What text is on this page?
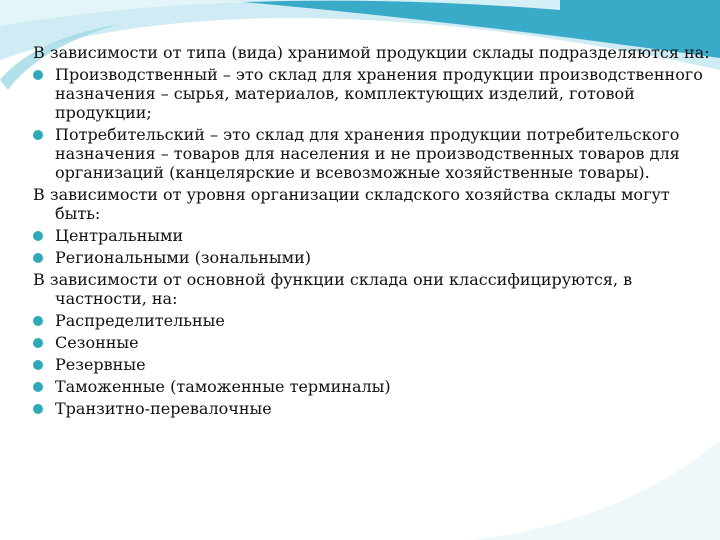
В зависимости от типа (вида) хранимой продукции склады подразделяются на:

Производственный – это склад для хранения продукции производственного назначения – сырья, материалов, комплектующих изделий, готовой продукции;

Потребительский – это склад для хранения продукции потребительского назначения – товаров для населения и не производственных товаров для организаций (канцелярские и всевозможные хозяйственные товары).

В зависимости от уровня организации складского хозяйства склады могут быть:

Центральными

Региональными (зональными)

В зависимости от основной функции склада они классифицируются, в частности, на:

Распределительные

Сезонные

Резервные

Таможенные (таможенные терминалы)

Транзитно-перевалочные
